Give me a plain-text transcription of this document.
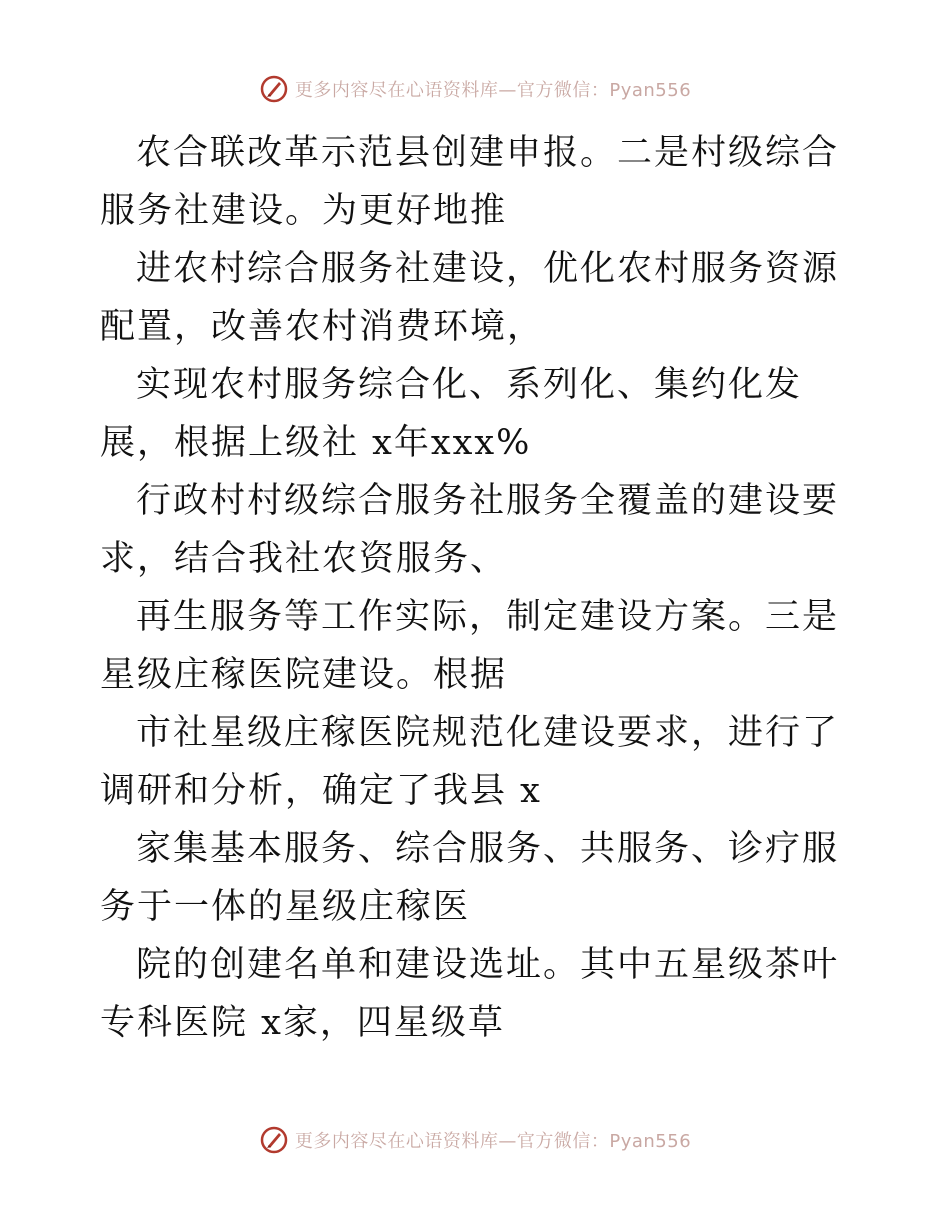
更多内容尽在心语资料库—官方微信：Pyan556

农合联改革示范县创建申报。二是村级综合服务社建设。为更好地推

进农村综合服务社建设，优化农村服务资源配置，改善农村消费环境，

实现农村服务综合化、系列化、集约化发展，根据上级社 x年xxx%

行政村村级综合服务社服务全覆盖的建设要求，结合我社农资服务、

再生服务等工作实际，制定建设方案。三是星级庄稼医院建设。根据

市社星级庄稼医院规范化建设要求，进行了调研和分析，确定了我县 x

家集基本服务、综合服务、共服务、诊疗服务于一体的星级庄稼医

院的创建名单和建设选址。其中五星级茶叶专科医院 x家，四星级草

更多内容尽在心语资料库—官方微信：Pyan556
